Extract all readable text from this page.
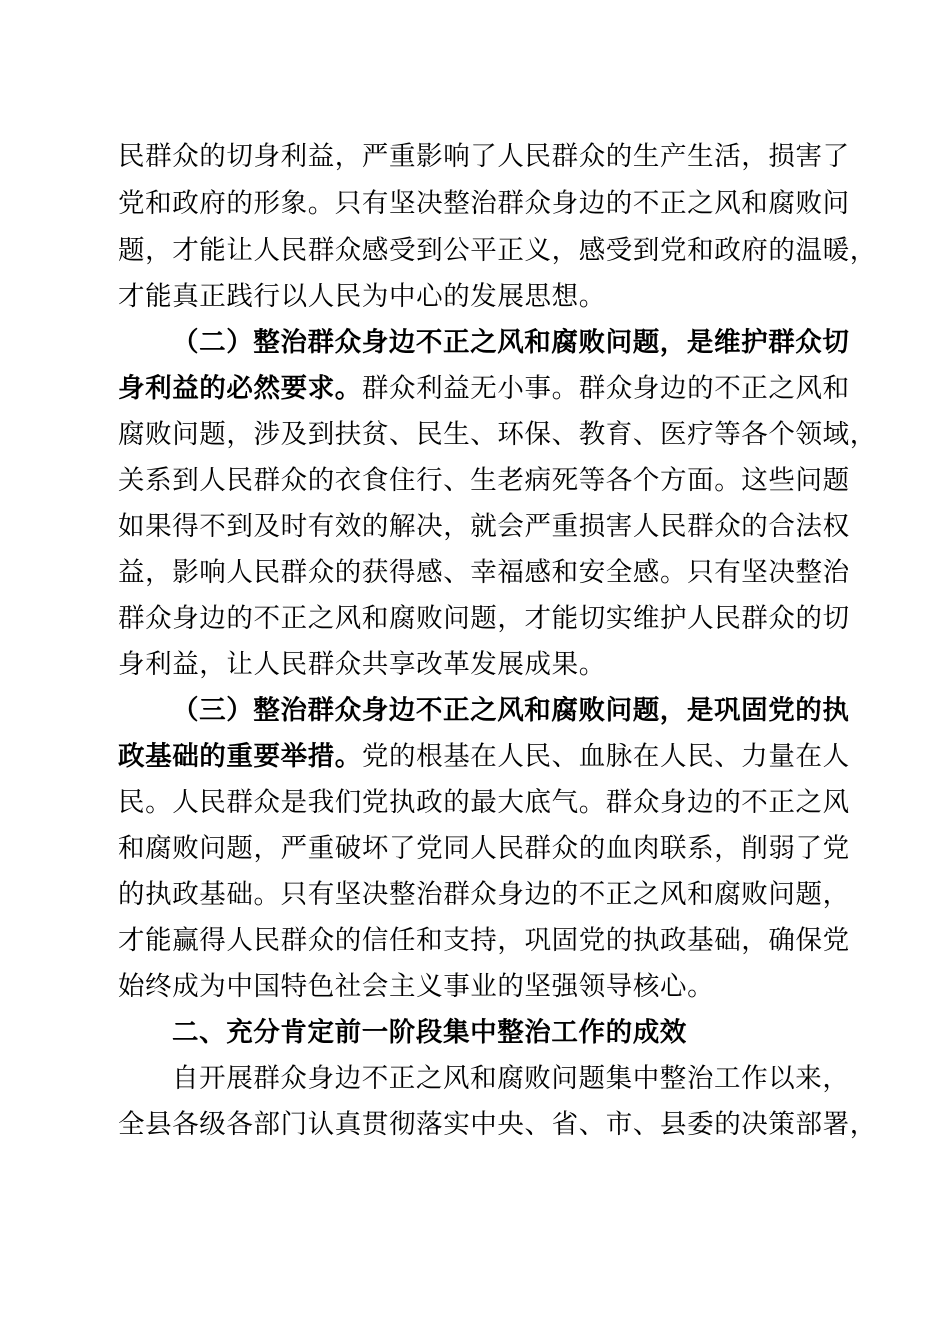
民群众的切身利益，严重影响了人民群众的生产生活，损害了
党和政府的形象。只有坚决整治群众身边的不正之风和腐败问
题，才能让人民群众感受到公平正义，感受到党和政府的温暖，
才能真正践行以人民为中心的发展思想。
（二）整治群众身边不正之风和腐败问题，是维护群众切
身利益的必然要求。群众利益无小事。群众身边的不正之风和
腐败问题，涉及到扶贫、民生、环保、教育、医疗等各个领域，
关系到人民群众的衣食住行、生老病死等各个方面。这些问题
如果得不到及时有效的解决，就会严重损害人民群众的合法权
益，影响人民群众的获得感、幸福感和安全感。只有坚决整治
群众身边的不正之风和腐败问题，才能切实维护人民群众的切
身利益，让人民群众共享改革发展成果。
（三）整治群众身边不正之风和腐败问题，是巩固党的执
政基础的重要举措。党的根基在人民、血脉在人民、力量在人
民。人民群众是我们党执政的最大底气。群众身边的不正之风
和腐败问题，严重破坏了党同人民群众的血肉联系，削弱了党
的执政基础。只有坚决整治群众身边的不正之风和腐败问题，
才能赢得人民群众的信任和支持，巩固党的执政基础，确保党
始终成为中国特色社会主义事业的坚强领导核心。
二、充分肯定前一阶段集中整治工作的成效
自开展群众身边不正之风和腐败问题集中整治工作以来，
全县各级各部门认真贯彻落实中央、省、市、县委的决策部署，
